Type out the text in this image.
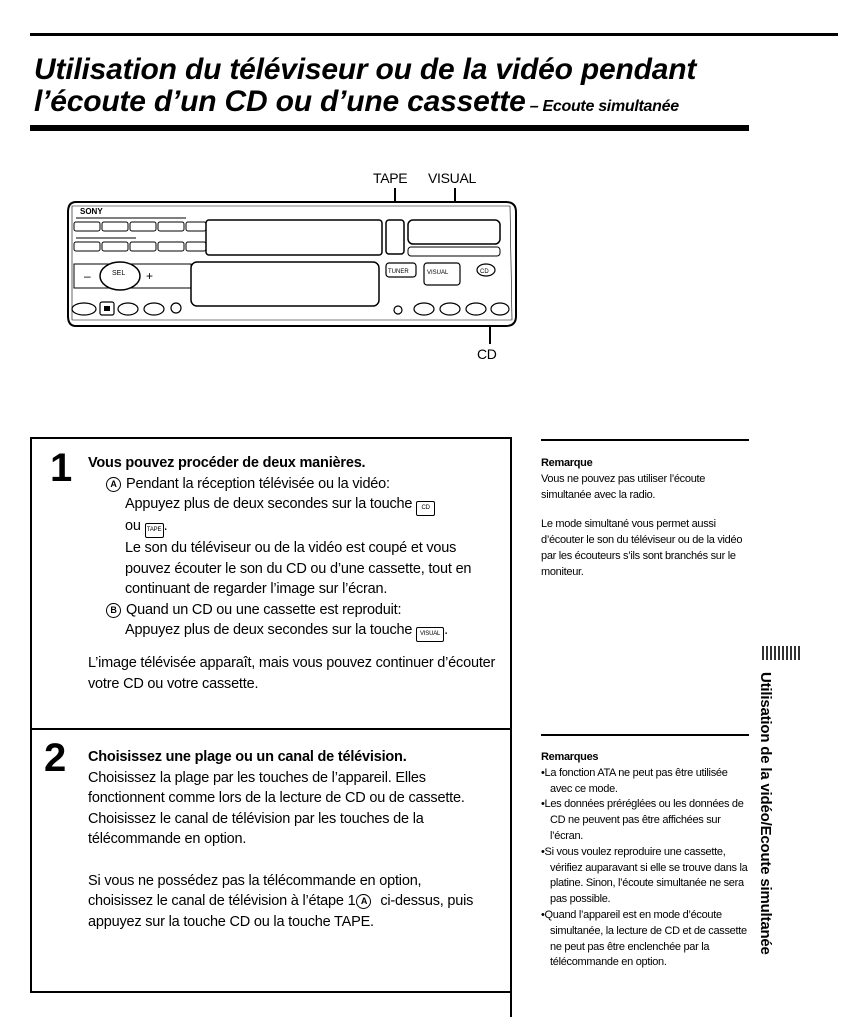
Utilisation du téléviseur ou de la vidéo pendant
l’écoute d’un CD ou d’une cassette – Ecoute simultanée
TAPE VISUAL
CD
SONY
SEL
–	+	TUNER	VISUAL	CD
1 Vous pouvez procéder de deux manières.

A Pendant la réception télévisée ou la vidéo:

Appuyez plus de deux secondes sur la touche CD

ou TAPE .

Le son du téléviseur ou de la vidéo est coupé et vous pouvez écouter le son du CD ou d’une cassette, tout en continuant de regarder l’image sur l’écran.

B Quand un CD ou une cassette est reproduit:

Appuyez plus de deux secondes sur la touche VISUAL .

L’image télévisée apparaît, mais vous pouvez continuer d’écouter votre CD ou votre cassette.

2 Choisissez une plage ou un canal de télévision.

Choisissez la plage par les touches de l’appareil. Elles fonctionnent comme lors de la lecture de CD ou de cassette.

Choisissez le canal de télévision par les touches de la télécommande en option.

Si vous ne possédez pas la télécommande en option, choisissez le canal de télévision à l’étape 1 A ci-dessus, puis appuyez sur la touche CD ou la touche TAPE.

Remarque

Vous ne pouvez pas utiliser l’écoute simultanée avec la radio.

Le mode simultané vous permet aussi d’écouter le son du téléviseur ou de la vidéo par les écouteurs s’ils sont branchés sur le moniteur.

Remarques

•La fonction ATA ne peut pas être utilisée avec ce mode.

•Les données préréglées ou les données de CD ne peuvent pas être affichées sur l’écran.

•Si vous voulez reproduire une cassette, vérifiez auparavant si elle se trouve dans la platine. Sinon, l’écoute simultanée ne sera pas possible.

•Quand l’appareil est en mode d’écoute simultanée, la lecture de CD et de cassette ne peut pas être enclenchée par la télécommande en option.

Utilisation de la vidéo/Ecoute simultanée
